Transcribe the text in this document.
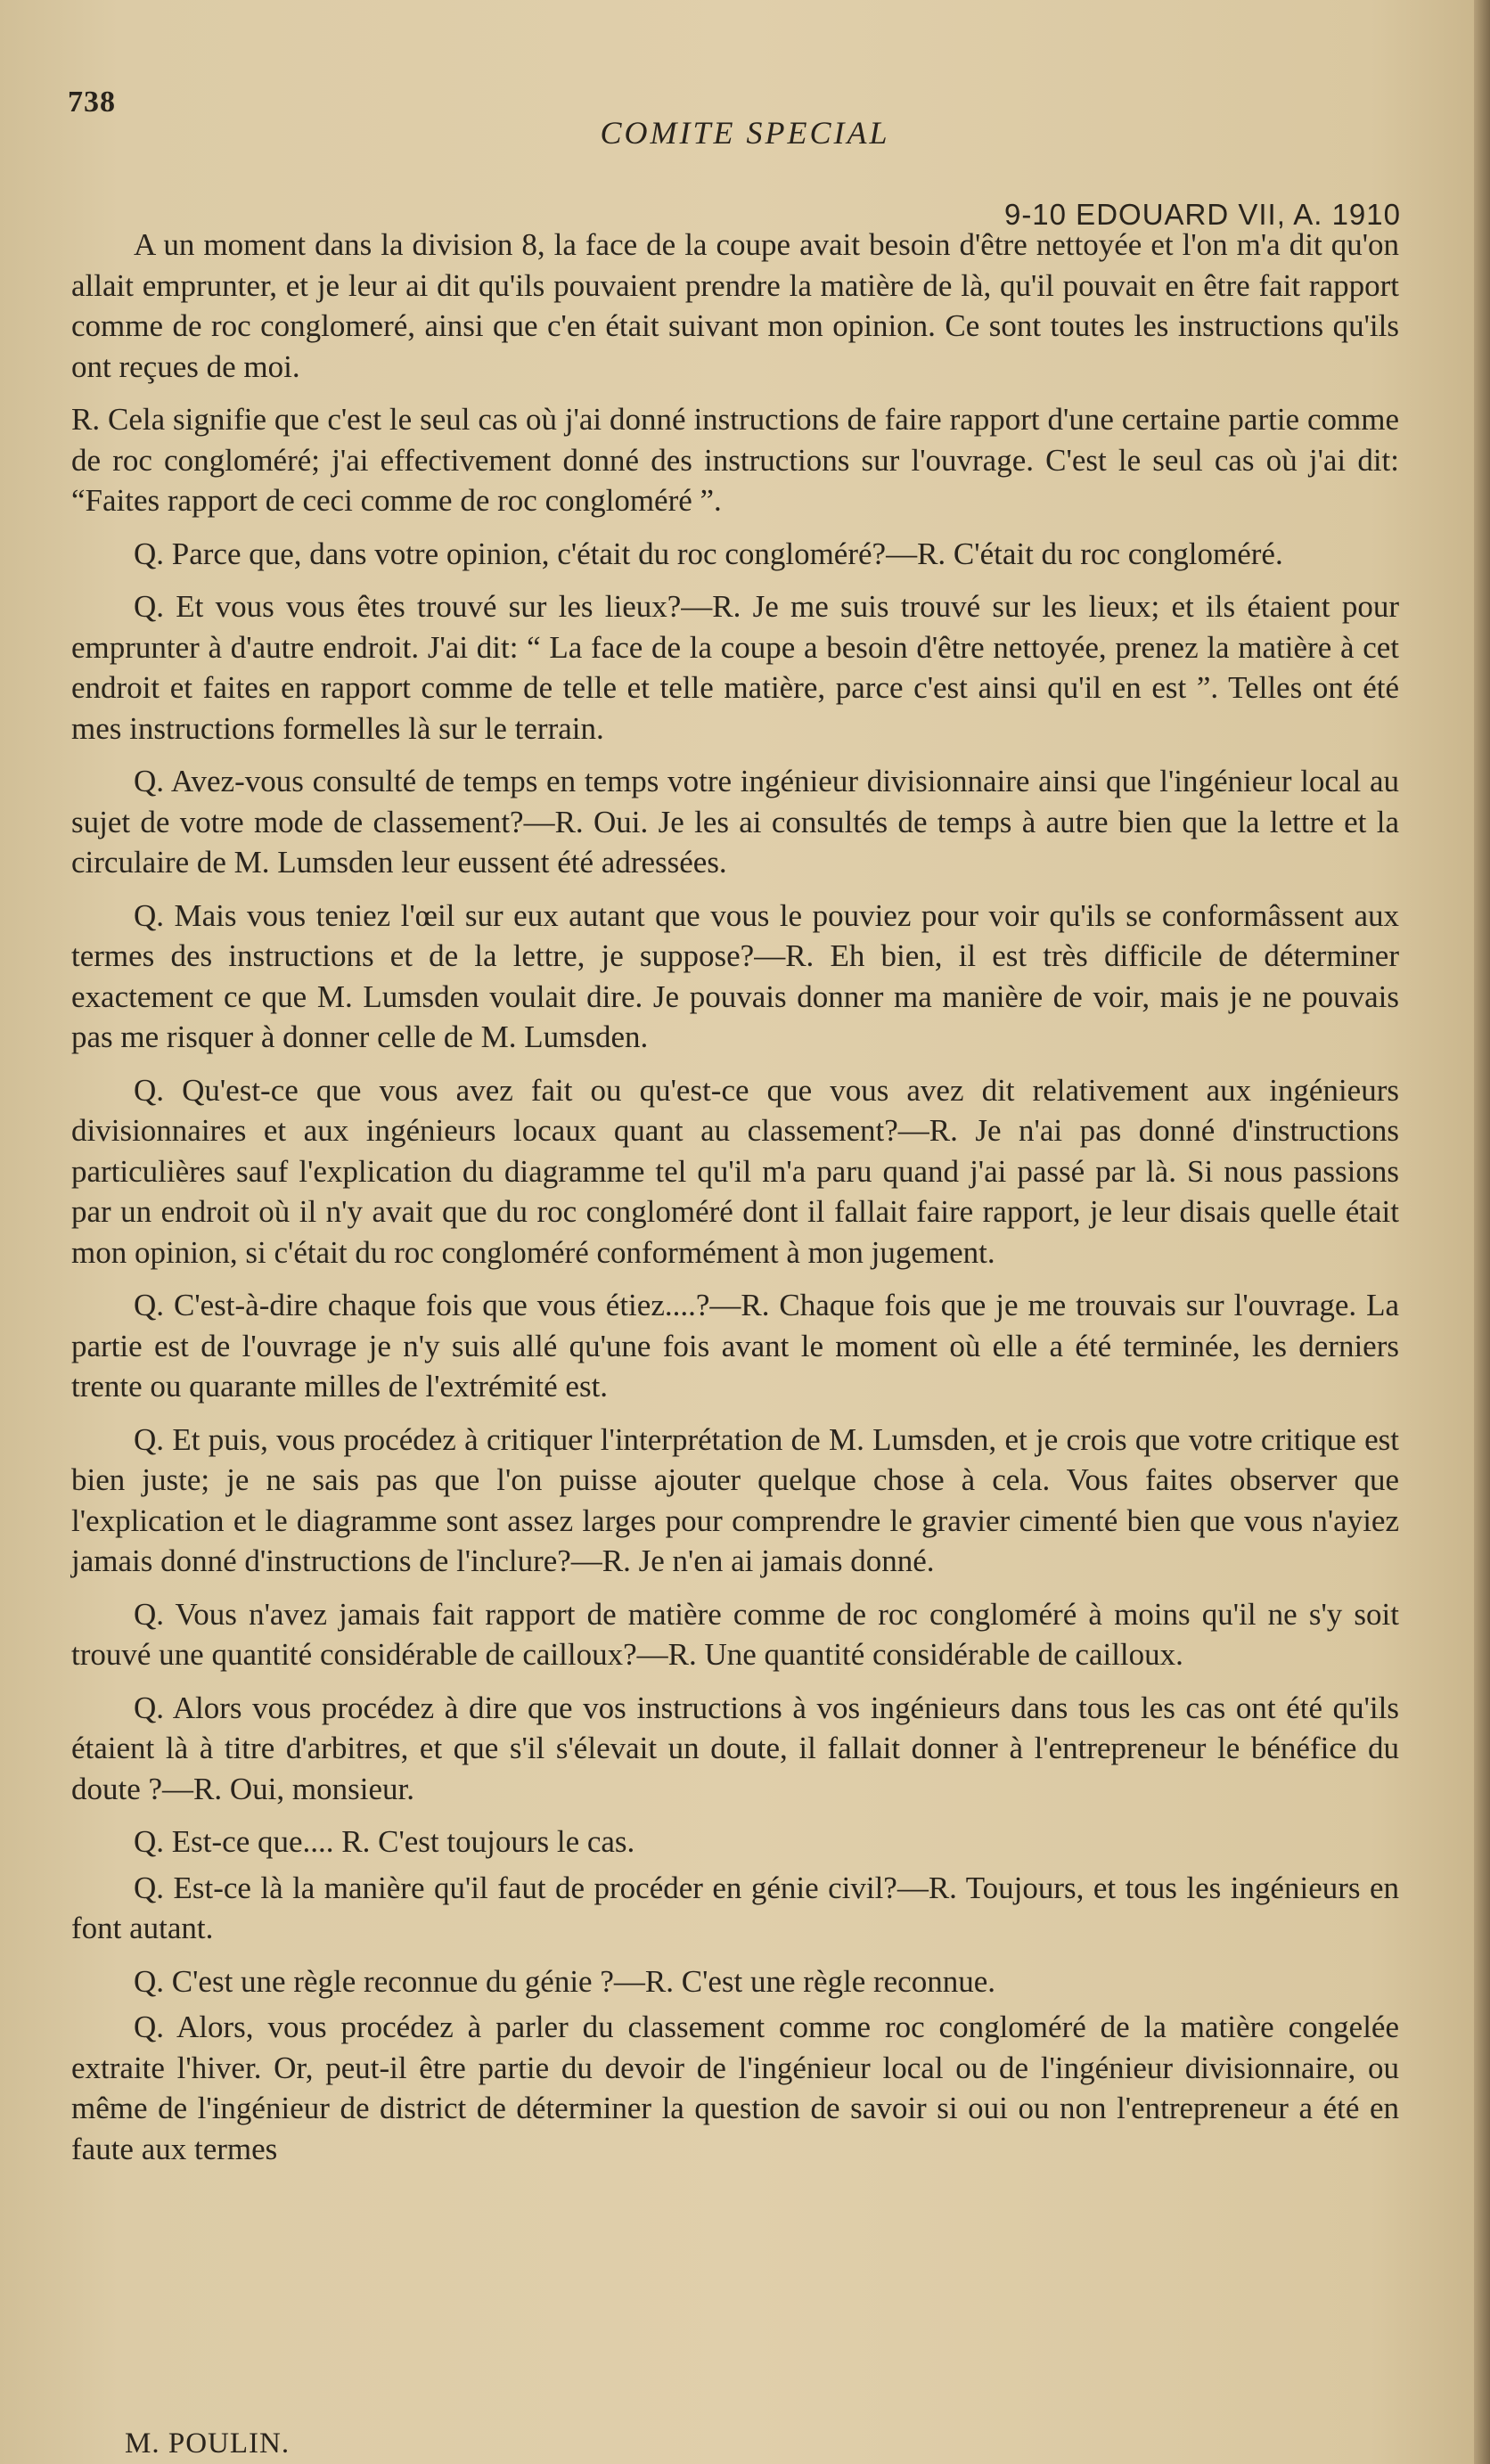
738
COMITE SPECIAL
9-10 EDOUARD VII, A. 1910

A un moment dans la division 8, la face de la coupe avait besoin d'être nettoyée et l'on m'a dit qu'on allait emprunter, et je leur ai dit qu'ils pouvaient prendre la matière de là, qu'il pouvait en être fait rapport comme de roc conglomeré, ainsi que c'en était suivant mon opinion. Ce sont toutes les instructions qu'ils ont reçues de moi.

R. Cela signifie que c'est le seul cas où j'ai donné instructions de faire rapport d'une certaine partie comme de roc congloméré; j'ai effectivement donné des instructions sur l'ouvrage. C'est le seul cas où j'ai dit: “Faites rapport de ceci comme de roc congloméré ”.

Q. Parce que, dans votre opinion, c'était du roc congloméré?—R. C'était du roc congloméré.

Q. Et vous vous êtes trouvé sur les lieux?—R. Je me suis trouvé sur les lieux; et ils étaient pour emprunter à d'autre endroit. J'ai dit: “ La face de la coupe a besoin d'être nettoyée, prenez la matière à cet endroit et faites en rapport comme de telle et telle matière, parce c'est ainsi qu'il en est ”. Telles ont été mes instructions formelles là sur le terrain.

Q. Avez-vous consulté de temps en temps votre ingénieur divisionnaire ainsi que l'ingénieur local au sujet de votre mode de classement?—R. Oui. Je les ai consultés de temps à autre bien que la lettre et la circulaire de M. Lumsden leur eussent été adressées.

Q. Mais vous teniez l'œil sur eux autant que vous le pouviez pour voir qu'ils se conformâssent aux termes des instructions et de la lettre, je suppose?—R. Eh bien, il est très difficile de déterminer exactement ce que M. Lumsden voulait dire. Je pouvais donner ma manière de voir, mais je ne pouvais pas me risquer à donner celle de M. Lumsden.

Q. Qu'est-ce que vous avez fait ou qu'est-ce que vous avez dit relativement aux ingénieurs divisionnaires et aux ingénieurs locaux quant au classement?—R. Je n'ai pas donné d'instructions particulières sauf l'explication du diagramme tel qu'il m'a paru quand j'ai passé par là. Si nous passions par un endroit où il n'y avait que du roc congloméré dont il fallait faire rapport, je leur disais quelle était mon opinion, si c'était du roc congloméré conformément à mon jugement.

Q. C'est-à-dire chaque fois que vous étiez....?—R. Chaque fois que je me trouvais sur l'ouvrage. La partie est de l'ouvrage je n'y suis allé qu'une fois avant le moment où elle a été terminée, les derniers trente ou quarante milles de l'extrémité est.

Q. Et puis, vous procédez à critiquer l'interprétation de M. Lumsden, et je crois que votre critique est bien juste; je ne sais pas que l'on puisse ajouter quelque chose à cela. Vous faites observer que l'explication et le diagramme sont assez larges pour comprendre le gravier cimenté bien que vous n'ayiez jamais donné d'instructions de l'inclure?—R. Je n'en ai jamais donné.

Q. Vous n'avez jamais fait rapport de matière comme de roc congloméré à moins qu'il ne s'y soit trouvé une quantité considérable de cailloux?—R. Une quantité considérable de cailloux.

Q. Alors vous procédez à dire que vos instructions à vos ingénieurs dans tous les cas ont été qu'ils étaient là à titre d'arbitres, et que s'il s'élevait un doute, il fallait donner à l'entrepreneur le bénéfice du doute ?—R. Oui, monsieur.

Q. Est-ce que.... R. C'est toujours le cas.

Q. Est-ce là la manière qu'il faut de procéder en génie civil?—R. Toujours, et tous les ingénieurs en font autant.

Q. C'est une règle reconnue du génie ?—R. C'est une règle reconnue.

Q. Alors, vous procédez à parler du classement comme roc congloméré de la matière congelée extraite l'hiver. Or, peut-il être partie du devoir de l'ingénieur local ou de l'ingénieur divisionnaire, ou même de l'ingénieur de district de déterminer la question de savoir si oui ou non l'entrepreneur a été en faute aux termes

M. POULIN.
